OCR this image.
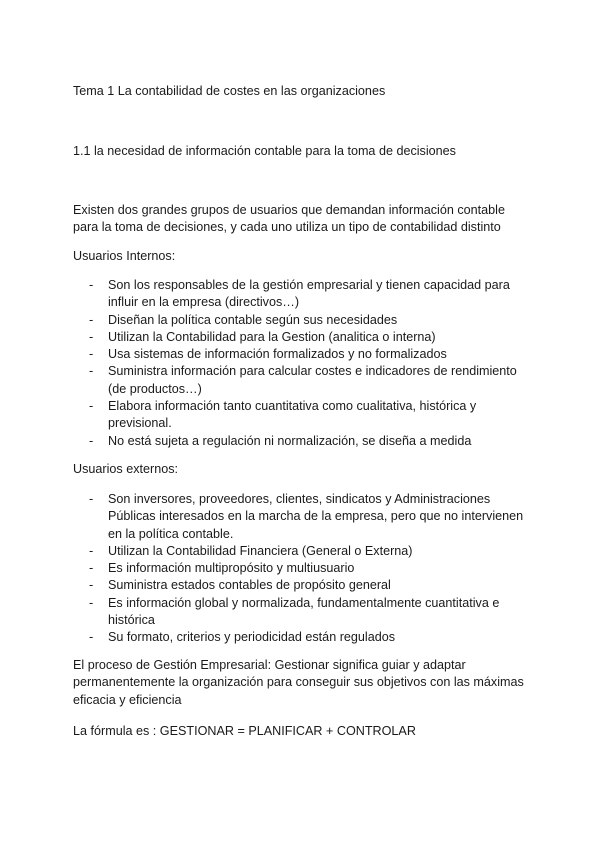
Tema 1 La contabilidad de costes en las organizaciones

1.1 la necesidad de información contable para la toma de decisiones

Existen dos grandes grupos de usuarios que demandan información contable para la toma de decisiones, y cada uno utiliza un tipo de contabilidad distinto

Usuarios Internos:

- Son los responsables de la gestión empresarial y tienen capacidad para influir en la empresa (directivos…)
- Diseñan la política contable según sus necesidades
- Utilizan la Contabilidad para la Gestion (analitica o interna)
- Usa sistemas de información formalizados y no formalizados
- Suministra información para calcular costes e indicadores de rendimiento (de productos…)
- Elabora información tanto cuantitativa como cualitativa, histórica y previsional.
- No está sujeta a regulación ni normalización, se diseña a medida

Usuarios externos:

- Son inversores, proveedores, clientes, sindicatos y Administraciones Públicas interesados en la marcha de la empresa, pero que no intervienen en la política contable.
- Utilizan la Contabilidad Financiera (General o Externa)
- Es información multipropósito y multiusuario
- Suministra estados contables de propósito general
- Es información global y normalizada, fundamentalmente cuantitativa e histórica
- Su formato, criterios y periodicidad están regulados

El proceso de Gestión Empresarial: Gestionar significa guiar y adaptar permanentemente la organización para conseguir sus objetivos con las máximas eficacia y eficiencia

La fórmula es : GESTIONAR = PLANIFICAR + CONTROLAR
